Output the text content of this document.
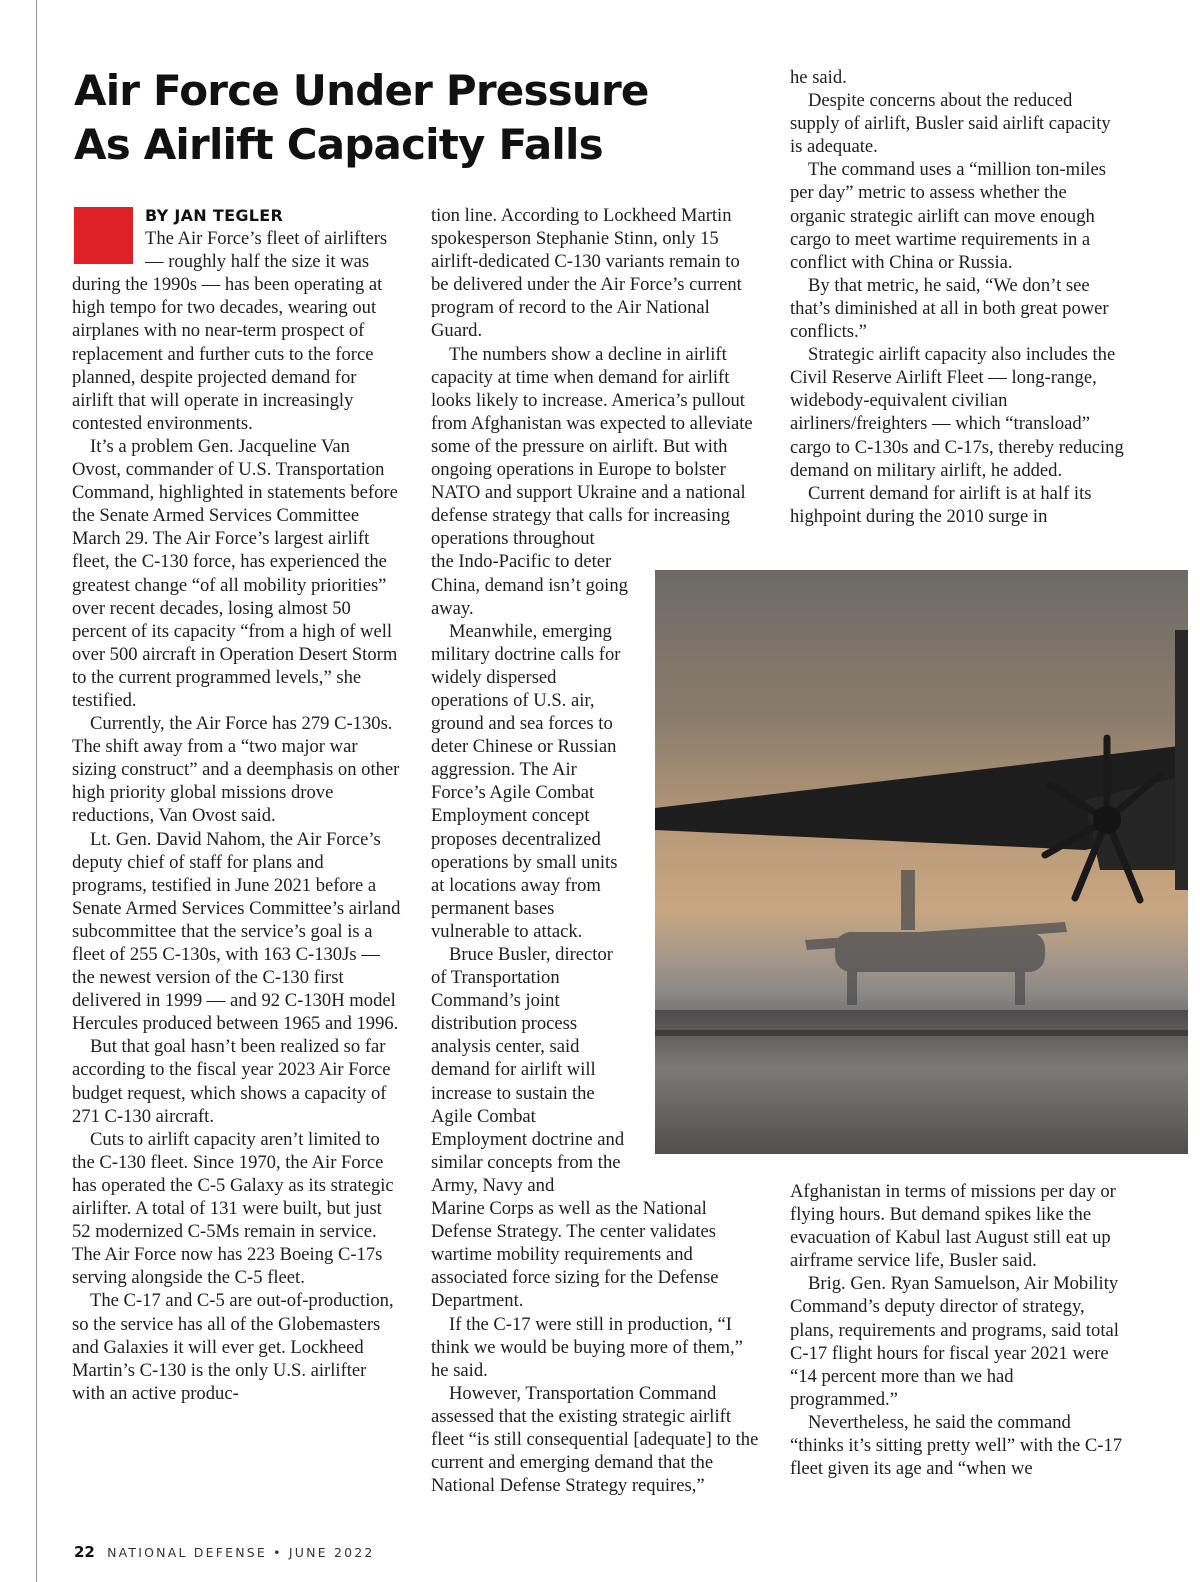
Air Force Under Pressure
As Airlift Capacity Falls
BY JAN TEGLER

The Air Force’s fleet of airlifters

— roughly half the size it was

during the 1990s — has been operating at high tempo for two decades, wearing out airplanes with no near-term prospect of replacement and further cuts to the force planned, despite projected demand for airlift that will operate in increasingly contested environments.

It’s a problem Gen. Jacqueline Van Ovost, commander of U.S. Transportation Command, highlighted in statements before the Senate Armed Services Committee March 29. The Air Force’s largest airlift fleet, the C-130 force, has experienced the greatest change “of all mobility priorities” over recent decades, losing almost 50 percent of its capacity “from a high of well over 500 aircraft in Operation Desert Storm to the current programmed levels,” she testified.

Currently, the Air Force has 279 C-130s. The shift away from a “two major war sizing construct” and a deemphasis on other high priority global missions drove reductions, Van Ovost said.

Lt. Gen. David Nahom, the Air Force’s deputy chief of staff for plans and programs, testified in June 2021 before a Senate Armed Services Committee’s airland subcommittee that the service’s goal is a fleet of 255 C-130s, with 163 C-130Js — the newest version of the C-130 first delivered in 1999 — and 92 C-130H model Hercules produced between 1965 and 1996.

But that goal hasn’t been realized so far according to the fiscal year 2023 Air Force budget request, which shows a capacity of 271 C-130 aircraft.

Cuts to airlift capacity aren’t limited to the C-130 fleet. Since 1970, the Air Force has operated the C-5 Galaxy as its strategic airlifter. A total of 131 were built, but just 52 modernized C-5Ms remain in service. The Air Force now has 223 Boeing C-17s serving alongside the C-5 fleet.

The C-17 and C-5 are out-of-production, so the service has all of the Globemasters and Galaxies it will ever get. Lockheed Martin’s C-130 is the only U.S. airlifter with an active produc-

tion line. According to Lockheed Martin spokesperson Stephanie Stinn, only 15 airlift-dedicated C-130 variants remain to be delivered under the Air Force’s current program of record to the Air National Guard.

The numbers show a decline in airlift capacity at time when demand for airlift looks likely to increase. America’s pullout from Afghanistan was expected to alleviate some of the pressure on airlift. But with ongoing operations in Europe to bolster NATO and support Ukraine and a national defense strategy that calls for increasing operations throughout

the Indo-Pacific to deter China, demand isn’t going away.

Meanwhile, emerging military doctrine calls for widely dispersed operations of U.S. air, ground and sea forces to deter Chinese or Russian aggression. The Air Force’s Agile Combat Employment concept proposes decentralized operations by small units at locations away from permanent bases vulnerable to attack.

Bruce Busler, director of Transportation Command’s joint distribution process analysis center, said demand for airlift will increase to sustain the Agile Combat Employment doctrine and similar concepts from the Army, Navy and

Marine Corps as well as the National Defense Strategy. The center validates wartime mobility requirements and associated force sizing for the Defense Department.

If the C-17 were still in production, “I think we would be buying more of them,” he said.

However, Transportation Command assessed that the existing strategic airlift fleet “is still consequential [adequate] to the current and emerging demand that the National Defense Strategy requires,”

he said.

Despite concerns about the reduced supply of airlift, Busler said airlift capacity is adequate.

The command uses a “million ton-miles per day” metric to assess whether the organic strategic airlift can move enough cargo to meet wartime requirements in a conflict with China or Russia.

By that metric, he said, “We don’t see that’s diminished at all in both great power conflicts.”

Strategic airlift capacity also includes the Civil Reserve Airlift Fleet — long-range, widebody-equivalent civilian airliners/freighters — which “transload” cargo to C-130s and C-17s, thereby reducing demand on military airlift, he added.

Current demand for airlift is at half its highpoint during the 2010 surge in

Afghanistan in terms of missions per day or flying hours. But demand spikes like the evacuation of Kabul last August still eat up airframe service life, Busler said.

Brig. Gen. Ryan Samuelson, Air Mobility Command’s deputy director of strategy, plans, requirements and programs, said total C-17 flight hours for fiscal year 2021 were “14 percent more than we had programmed.”

Nevertheless, he said the command “thinks it’s sitting pretty well” with the C-17 fleet given its age and “when we

22 NATIONAL DEFENSE • JUNE 2022
